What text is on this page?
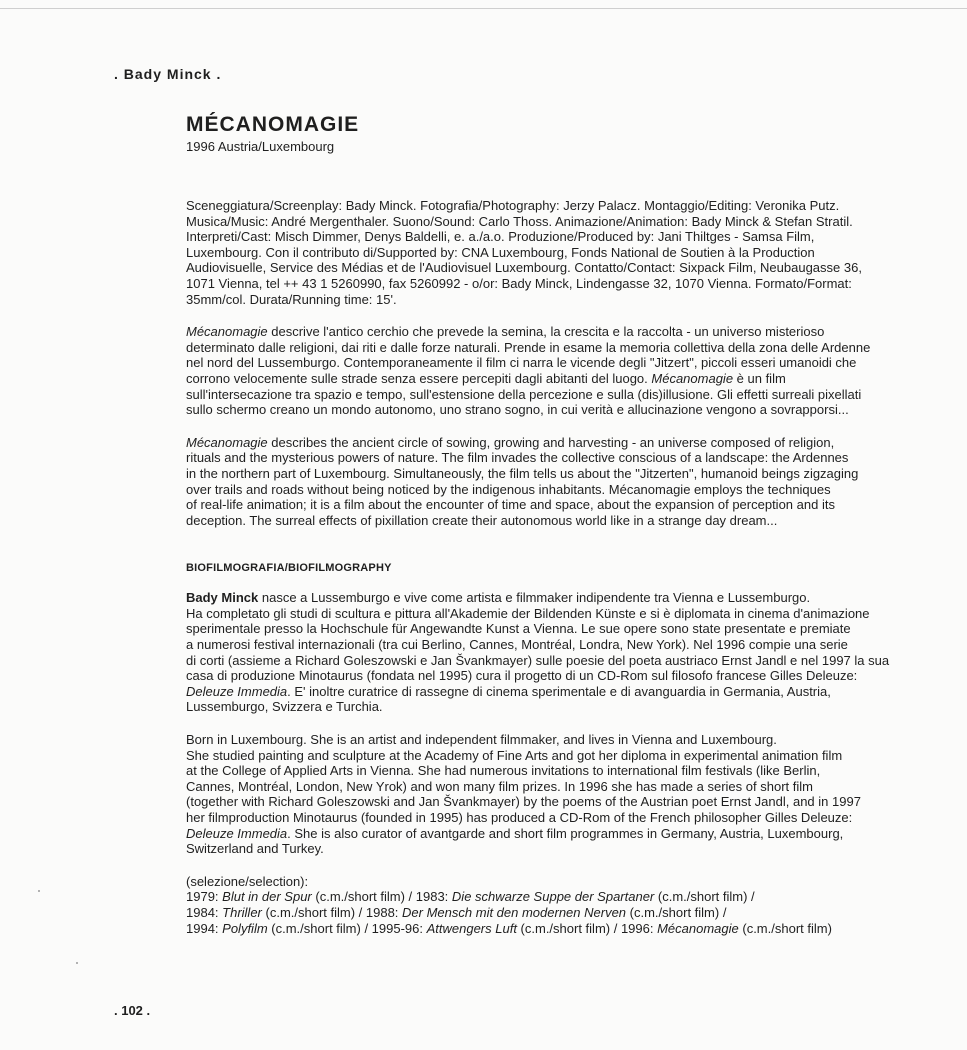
. Bady Minck .
MÉCANOMAGIE
1996 Austria/Luxembourg
Sceneggiatura/Screenplay: Bady Minck. Fotografia/Photography: Jerzy Palacz. Montaggio/Editing: Veronika Putz.
Musica/Music: André Mergenthaler. Suono/Sound: Carlo Thoss. Animazione/Animation: Bady Minck & Stefan Stratil.
Interpreti/Cast: Misch Dimmer, Denys Baldelli, e. a./a.o. Produzione/Produced by: Jani Thiltges - Samsa Film,
Luxembourg. Con il contributo di/Supported by: CNA Luxembourg, Fonds National de Soutien à la Production
Audiovisuelle, Service des Médias et de l'Audiovisuel Luxembourg. Contatto/Contact: Sixpack Film, Neubaugasse 36,
1071 Vienna, tel ++ 43 1 5260990, fax 5260992 - o/or: Bady Minck, Lindengasse 32, 1070 Vienna. Formato/Format:
35mm/col. Durata/Running time: 15'.
Mécanomagie descrive l'antico cerchio che prevede la semina, la crescita e la raccolta - un universo misterioso
determinato dalle religioni, dai riti e dalle forze naturali. Prende in esame la memoria collettiva della zona delle Ardenne
nel nord del Lussemburgo. Contemporaneamente il film ci narra le vicende degli "Jitzert", piccoli esseri umanoidi che
corrono velocemente sulle strade senza essere percepiti dagli abitanti del luogo. Mécanomagie è un film
sull'intersecazione tra spazio e tempo, sull'estensione della percezione e sulla (dis)illusione. Gli effetti surreali pixellati
sullo schermo creano un mondo autonomo, uno strano sogno, in cui verità e allucinazione vengono a sovrapporsi...
Mécanomagie describes the ancient circle of sowing, growing and harvesting - an universe composed of religion,
rituals and the mysterious powers of nature. The film invades the collective conscious of a landscape: the Ardennes
in the northern part of Luxembourg. Simultaneously, the film tells us about the "Jitzerten", humanoid beings zigzaging
over trails and roads without being noticed by the indigenous inhabitants. Mécanomagie employs the techniques
of real-life animation; it is a film about the encounter of time and space, about the expansion of perception and its
deception. The surreal effects of pixillation create their autonomous world like in a strange day dream...
BIOFILMOGRAFIA/BIOFILMOGRAPHY
Bady Minck nasce a Lussemburgo e vive come artista e filmmaker indipendente tra Vienna e Lussemburgo.
Ha completato gli studi di scultura e pittura all'Akademie der Bildenden Künste e si è diplomata in cinema d'animazione
sperimentale presso la Hochschule für Angewandte Kunst a Vienna. Le sue opere sono state presentate e premiate
a numerosi festival internazionali (tra cui Berlino, Cannes, Montréal, Londra, New York). Nel 1996 compie una serie
di corti (assieme a Richard Goleszowski e Jan Švankmayer) sulle poesie del poeta austriaco Ernst Jandl e nel 1997 la sua
casa di produzione Minotaurus (fondata nel 1995) cura il progetto di un CD-Rom sul filosofo francese Gilles Deleuze:
Deleuze Immedia. E' inoltre curatrice di rassegne di cinema sperimentale e di avanguardia in Germania, Austria,
Lussemburgo, Svizzera e Turchia.
Born in Luxembourg. She is an artist and independent filmmaker, and lives in Vienna and Luxembourg.
She studied painting and sculpture at the Academy of Fine Arts and got her diploma in experimental animation film
at the College of Applied Arts in Vienna. She had numerous invitations to international film festivals (like Berlin,
Cannes, Montréal, London, New Yrok) and won many film prizes. In 1996 she has made a series of short film
(together with Richard Goleszowski and Jan Švankmayer) by the poems of the Austrian poet Ernst Jandl, and in 1997
her filmproduction Minotaurus (founded in 1995) has produced a CD-Rom of the French philosopher Gilles Deleuze:
Deleuze Immedia. She is also curator of avantgarde and short film programmes in Germany, Austria, Luxembourg,
Switzerland and Turkey.
(selezione/selection):
1979: Blut in der Spur (c.m./short film) / 1983: Die schwarze Suppe der Spartaner (c.m./short film) /
1984: Thriller (c.m./short film) / 1988: Der Mensch mit den modernen Nerven (c.m./short film) /
1994: Polyfilm (c.m./short film) / 1995-96: Attwengers Luft (c.m./short film) / 1996: Mécanomagie (c.m./short film)
. 102 .
